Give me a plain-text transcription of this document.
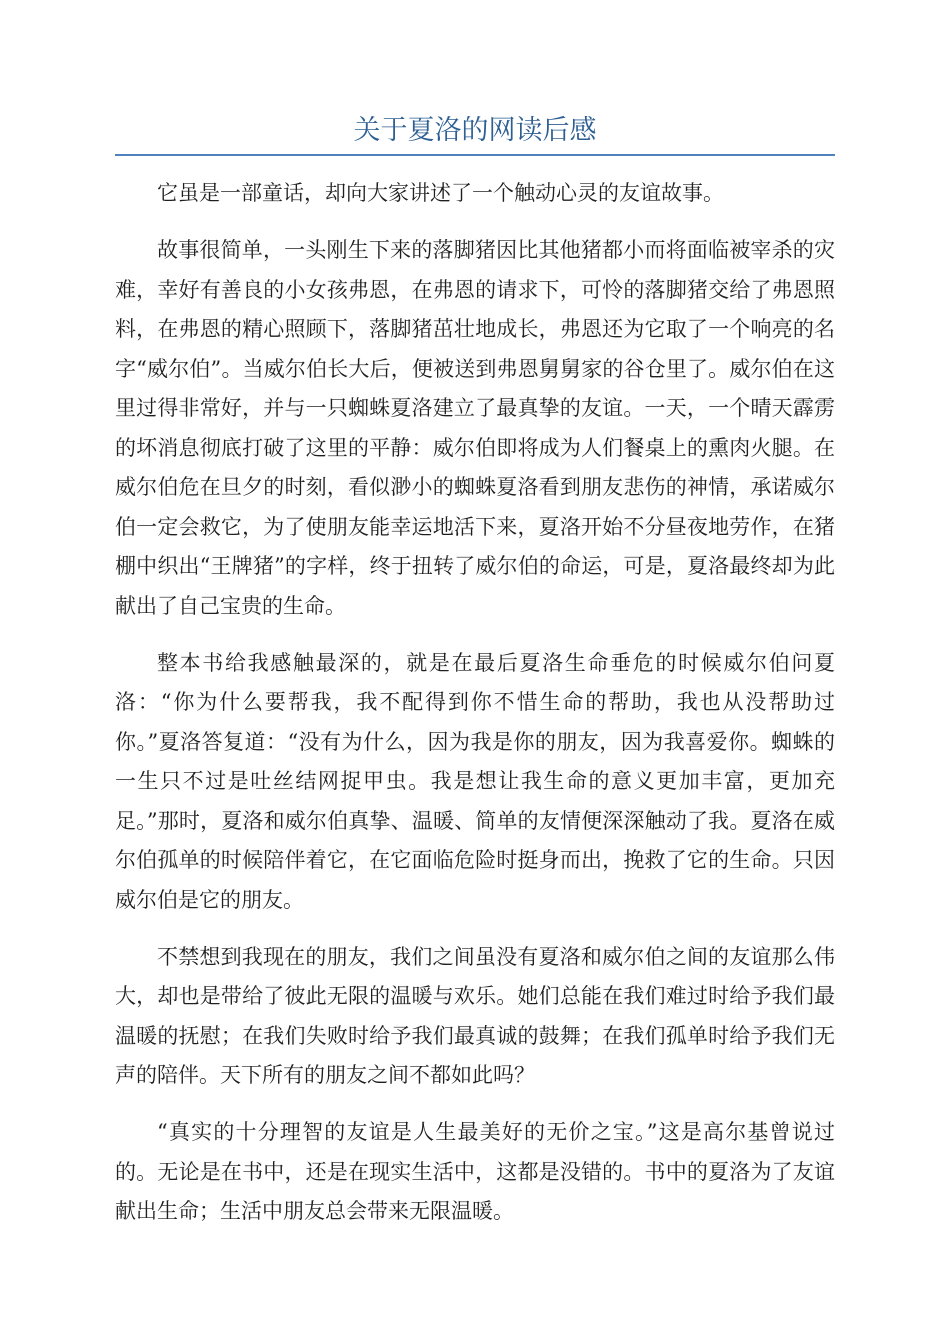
关于夏洛的网读后感

它虽是一部童话，却向大家讲述了一个触动心灵的友谊故事。

故事很简单，一头刚生下来的落脚猪因比其他猪都小而将面临被宰杀的灾难，幸好有善良的小女孩弗恩，在弗恩的请求下，可怜的落脚猪交给了弗恩照料，在弗恩的精心照顾下，落脚猪茁壮地成长，弗恩还为它取了一个响亮的名字“威尔伯”。当威尔伯长大后，便被送到弗恩舅舅家的谷仓里了。威尔伯在这里过得非常好，并与一只蜘蛛夏洛建立了最真挚的友谊。一天，一个晴天霹雳的坏消息彻底打破了这里的平静：威尔伯即将成为人们餐桌上的熏肉火腿。在威尔伯危在旦夕的时刻，看似渺小的蜘蛛夏洛看到朋友悲伤的神情，承诺威尔伯一定会救它，为了使朋友能幸运地活下来，夏洛开始不分昼夜地劳作，在猪棚中织出“王牌猪”的字样，终于扭转了威尔伯的命运，可是，夏洛最终却为此献出了自己宝贵的生命。

整本书给我感触最深的，就是在最后夏洛生命垂危的时候威尔伯问夏洛：“你为什么要帮我，我不配得到你不惜生命的帮助，我也从没帮助过你。”夏洛答复道：“没有为什么，因为我是你的朋友，因为我喜爱你。蜘蛛的一生只不过是吐丝结网捉甲虫。我是想让我生命的意义更加丰富，更加充足。”那时，夏洛和威尔伯真挚、温暖、简单的友情便深深触动了我。夏洛在威尔伯孤单的时候陪伴着它，在它面临危险时挺身而出，挽救了它的生命。只因威尔伯是它的朋友。

不禁想到我现在的朋友，我们之间虽没有夏洛和威尔伯之间的友谊那么伟大，却也是带给了彼此无限的温暖与欢乐。她们总能在我们难过时给予我们最温暖的抚慰；在我们失败时给予我们最真诚的鼓舞；在我们孤单时给予我们无声的陪伴。天下所有的朋友之间不都如此吗？

“真实的十分理智的友谊是人生最美好的无价之宝。”这是高尔基曾说过的。无论是在书中，还是在现实生活中，这都是没错的。书中的夏洛为了友谊献出生命；生活中朋友总会带来无限温暖。
